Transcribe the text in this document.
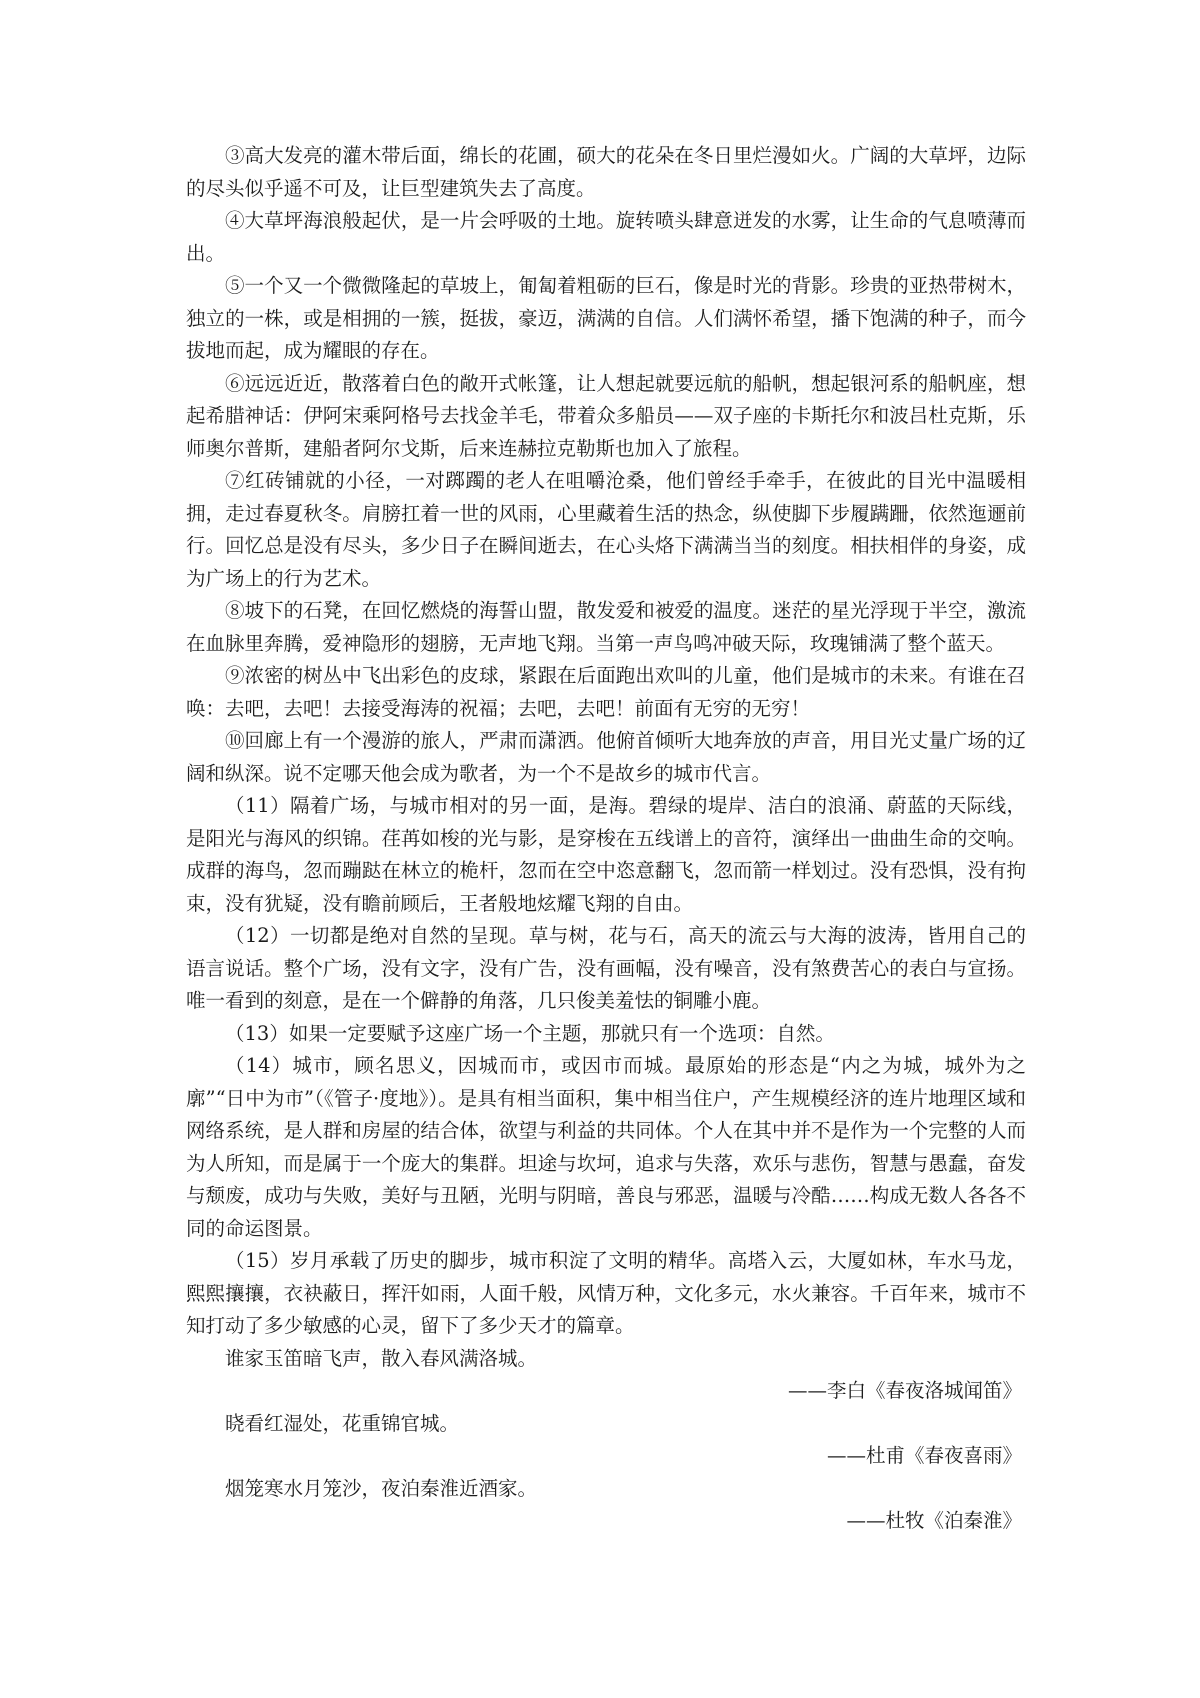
③高大发亮的灌木带后面，绵长的花圃，硕大的花朵在冬日里烂漫如火。广阔的大草坪，边际的尽头似乎遥不可及，让巨型建筑失去了高度。

④大草坪海浪般起伏，是一片会呼吸的土地。旋转喷头肆意迸发的水雾，让生命的气息喷薄而出。

⑤一个又一个微微隆起的草坡上，匍匐着粗砺的巨石，像是时光的背影。珍贵的亚热带树木，独立的一株，或是相拥的一簇，挺拔，豪迈，满满的自信。人们满怀希望，播下饱满的种子，而今拔地而起，成为耀眼的存在。

⑥远远近近，散落着白色的敞开式帐篷，让人想起就要远航的船帆，想起银河系的船帆座，想起希腊神话：伊阿宋乘阿格号去找金羊毛，带着众多船员——双子座的卡斯托尔和波吕杜克斯，乐师奥尔普斯，建船者阿尔戈斯，后来连赫拉克勒斯也加入了旅程。

⑦红砖铺就的小径，一对踯躅的老人在咀嚼沧桑，他们曾经手牵手，在彼此的目光中温暖相拥，走过春夏秋冬。肩膀扛着一世的风雨，心里藏着生活的热念，纵使脚下步履蹒跚，依然迤逦前行。回忆总是没有尽头，多少日子在瞬间逝去，在心头烙下满满当当的刻度。相扶相伴的身姿，成为广场上的行为艺术。

⑧坡下的石凳，在回忆燃烧的海誓山盟，散发爱和被爱的温度。迷茫的星光浮现于半空，激流在血脉里奔腾，爱神隐形的翅膀，无声地飞翔。当第一声鸟鸣冲破天际，玫瑰铺满了整个蓝天。

⑨浓密的树丛中飞出彩色的皮球，紧跟在后面跑出欢叫的儿童，他们是城市的未来。有谁在召唤：去吧，去吧！去接受海涛的祝福；去吧，去吧！前面有无穷的无穷！

⑩回廊上有一个漫游的旅人，严肃而潇洒。他俯首倾听大地奔放的声音，用目光丈量广场的辽阔和纵深。说不定哪天他会成为歌者，为一个不是故乡的城市代言。

（11）隔着广场，与城市相对的另一面，是海。碧绿的堤岸、洁白的浪涌、蔚蓝的天际线，是阳光与海风的织锦。荏苒如梭的光与影，是穿梭在五线谱上的音符，演绎出一曲曲生命的交响。成群的海鸟，忽而蹦跶在林立的桅杆，忽而在空中恣意翻飞，忽而箭一样划过。没有恐惧，没有拘束，没有犹疑，没有瞻前顾后，王者般地炫耀飞翔的自由。

（12）一切都是绝对自然的呈现。草与树，花与石，高天的流云与大海的波涛，皆用自己的语言说话。整个广场，没有文字，没有广告，没有画幅，没有噪音，没有煞费苦心的表白与宣扬。唯一看到的刻意，是在一个僻静的角落，几只俊美羞怯的铜雕小鹿。

（13）如果一定要赋予这座广场一个主题，那就只有一个选项：自然。

（14）城市，顾名思义，因城而市，或因市而城。最原始的形态是“内之为城，城外为之廓”“日中为市”（《管子·度地》）。是具有相当面积，集中相当住户，产生规模经济的连片地理区域和网络系统，是人群和房屋的结合体，欲望与利益的共同体。个人在其中并不是作为一个完整的人而为人所知，而是属于一个庞大的集群。坦途与坎坷，追求与失落，欢乐与悲伤，智慧与愚蠢，奋发与颓废，成功与失败，美好与丑陋，光明与阴暗，善良与邪恶，温暖与冷酷……构成无数人各各不同的命运图景。

（15）岁月承载了历史的脚步，城市积淀了文明的精华。高塔入云，大厦如林，车水马龙，熙熙攘攘，衣袂蔽日，挥汗如雨，人面千般，风情万种，文化多元，水火兼容。千百年来，城市不知打动了多少敏感的心灵，留下了多少天才的篇章。

谁家玉笛暗飞声，散入春风满洛城。

——李白《春夜洛城闻笛》

晓看红湿处，花重锦官城。

——杜甫《春夜喜雨》

烟笼寒水月笼沙，夜泊秦淮近酒家。

——杜牧《泊秦淮》
